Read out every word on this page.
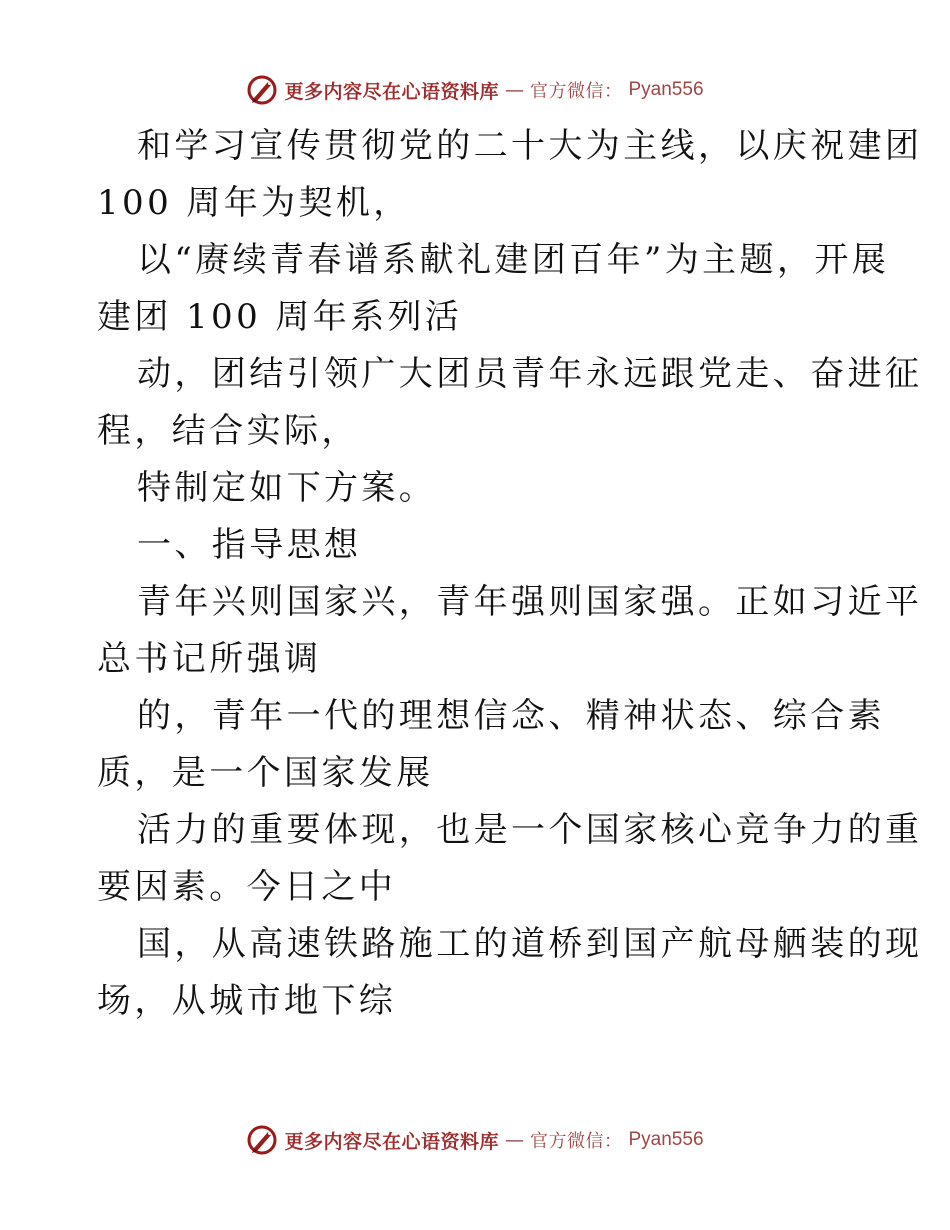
更多内容尽在心语资料库 — 官方微信： Pyan556
和学习宣传贯彻党的二十大为主线，以庆祝建团
100 周年为契机，
以“赓续青春谱系献礼建团百年”为主题，开展
建团 100 周年系列活
动，团结引领广大团员青年永远跟党走、奋进征
程，结合实际，
特制定如下方案。
一、指导思想
青年兴则国家兴，青年强则国家强。正如习近平
总书记所强调
的，青年一代的理想信念、精神状态、综合素
质，是一个国家发展
活力的重要体现，也是一个国家核心竞争力的重
要因素。今日之中
国，从高速铁路施工的道桥到国产航母舾装的现
场，从城市地下综
更多内容尽在心语资料库 — 官方微信： Pyan556
